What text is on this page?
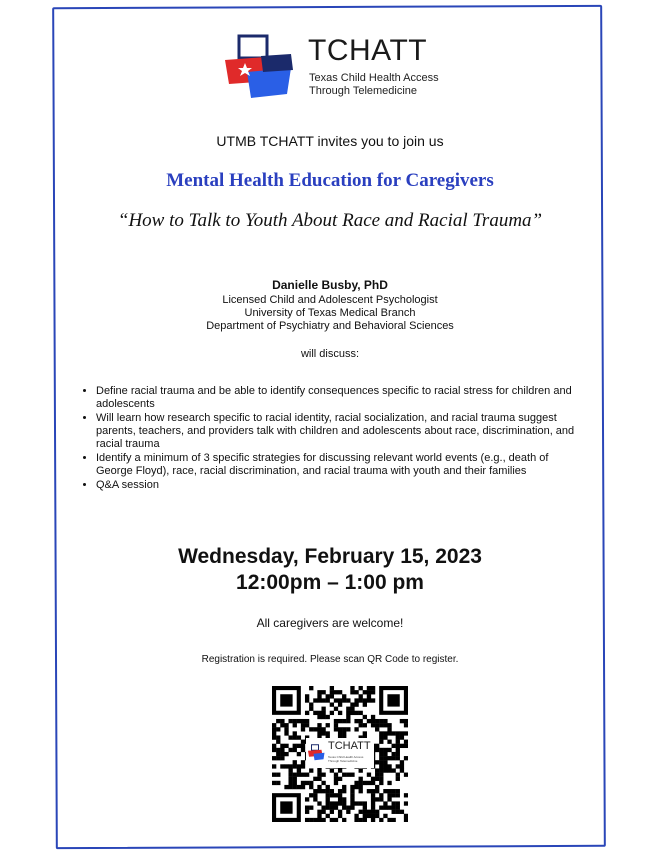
TCHATT
Texas Child Health Access
Through Telemedicine
UTMB TCHATT invites you to join us
Mental Health Education for Caregivers
“How to Talk to Youth About Race and Racial Trauma”
Danielle Busby, PhD
Licensed Child and Adolescent Psychologist
University of Texas Medical Branch
Department of Psychiatry and Behavioral Sciences
will discuss:
• Define racial trauma and be able to identify consequences specific to racial stress for children and adolescents
• Will learn how research specific to racial identity, racial socialization, and racial trauma suggest parents, teachers, and providers talk with children and adolescents about race, discrimination, and racial trauma
• Identify a minimum of 3 specific strategies for discussing relevant world events (e.g., death of George Floyd), race, racial discrimination, and racial trauma with youth and their families
• Q&A session
Wednesday, February 15, 2023
12:00pm – 1:00 pm
All caregivers are welcome!
Registration is required. Please scan QR Code to register.
TCHATT
Texas Child Health Access Through Telemedicine
